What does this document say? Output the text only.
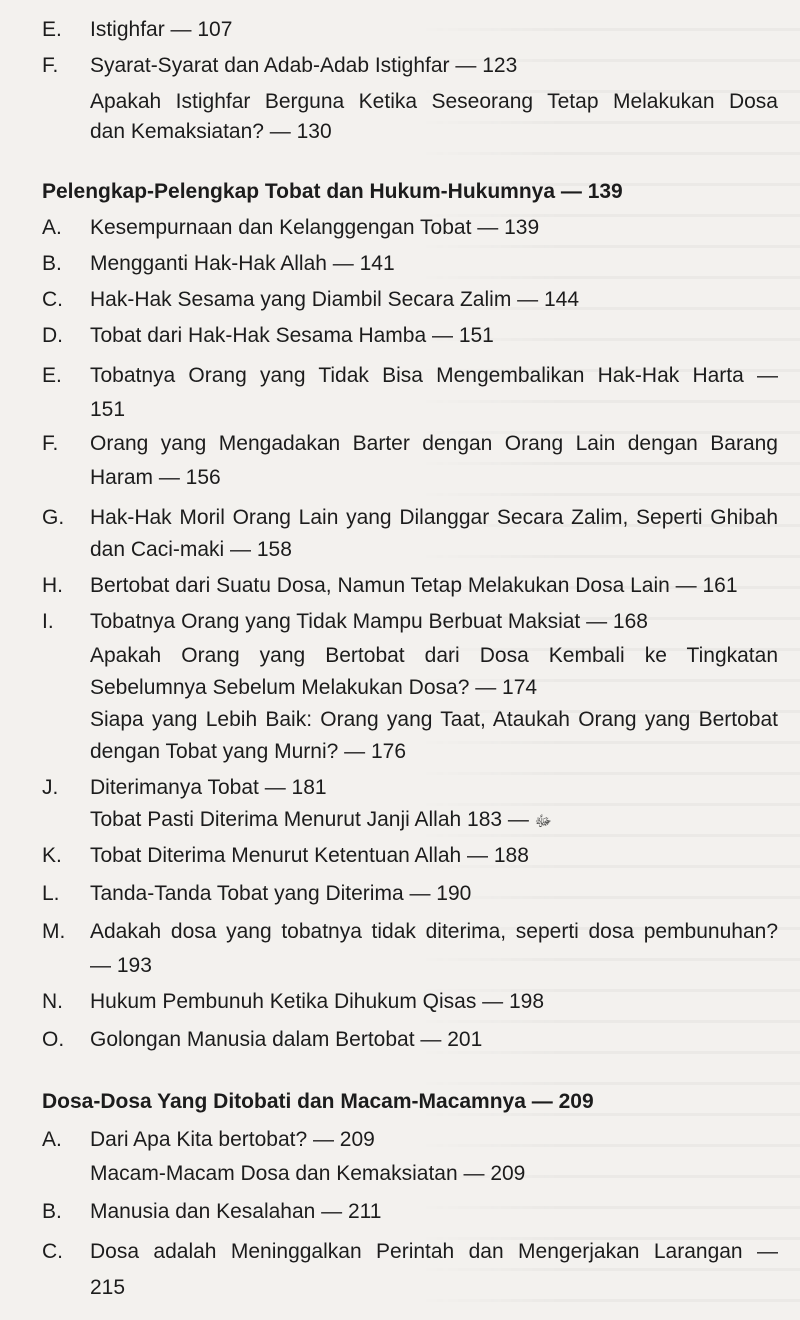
E. Istighfar — 107
F. Syarat-Syarat dan Adab-Adab Istighfar — 123
Apakah Istighfar Berguna Ketika Seseorang Tetap Melakukan Dosa
dan Kemaksiatan? — 130
Pelengkap-Pelengkap Tobat dan Hukum-Hukumnya — 139
A. Kesempurnaan dan Kelanggengan Tobat — 139
B. Mengganti Hak-Hak Allah — 141
C. Hak-Hak Sesama yang Diambil Secara Zalim — 144
D. Tobat dari Hak-Hak Sesama Hamba — 151
E. Tobatnya Orang yang Tidak Bisa Mengembalikan Hak-Hak Harta —
151
F. Orang yang Mengadakan Barter dengan Orang Lain dengan Barang
Haram — 156
G. Hak-Hak Moril Orang Lain yang Dilanggar Secara Zalim, Seperti Ghibah
dan Caci-maki — 158
H. Bertobat dari Suatu Dosa, Namun Tetap Melakukan Dosa Lain — 161
I. Tobatnya Orang yang Tidak Mampu Berbuat Maksiat — 168
Apakah Orang yang Bertobat dari Dosa Kembali ke Tingkatan
Sebelumnya Sebelum Melakukan Dosa? — 174
Siapa yang Lebih Baik: Orang yang Taat, Ataukah Orang yang Bertobat
dengan Tobat yang Murni? — 176
J. Diterimanya Tobat — 181
Tobat Pasti Diterima Menurut Janji Allah	ﷻ — 183
K. Tobat Diterima Menurut Ketentuan Allah — 188
L. Tanda-Tanda Tobat yang Diterima — 190
M. Adakah dosa yang tobatnya tidak diterima, seperti dosa pembunuhan?
— 193
N. Hukum Pembunuh Ketika Dihukum Qisas — 198
O. Golongan Manusia dalam Bertobat — 201
Dosa-Dosa Yang Ditobati dan Macam-Macamnya — 209
A. Dari Apa Kita bertobat? — 209
Macam-Macam Dosa dan Kemaksiatan — 209
B. Manusia dan Kesalahan — 211
C. Dosa adalah Meninggalkan Perintah dan Mengerjakan Larangan —
215
